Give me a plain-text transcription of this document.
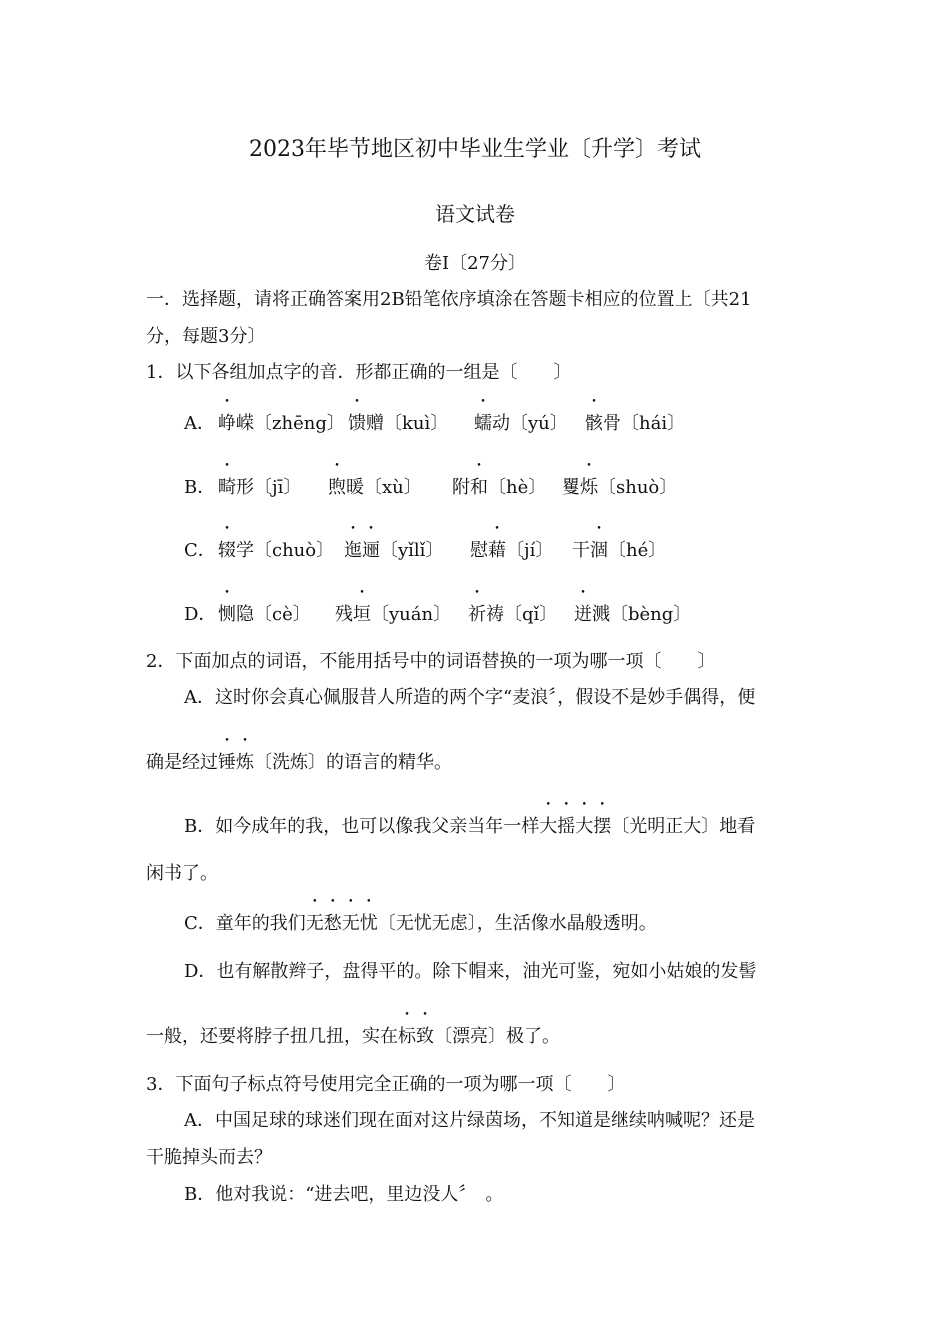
2023年毕节地区初中毕业生学业〔升学〕考试
语文试卷
卷Ⅰ〔27分〕
一．选择题，请将正确答案用2B铅笔依序填涂在答题卡相应的位置上〔共21
分，每题3分〕
1．以下各组加点字的音．形都正确的一组是〔　　〕
A． 峥嵘〔zhēng〕 馈赠〔kuì〕 蠕动〔yú〕 骸骨〔hái〕
B． 畸形〔jī〕 煦暖〔xù〕 附和〔hè〕 矍烁〔shuò〕
C． 辍学〔chuò〕 迤逦〔yǐlǐ〕 慰藉〔jí〕 干涸〔hé〕
D． 恻隐〔cè〕 残垣〔yuán〕 祈祷〔qǐ〕 迸溅〔bèng〕
2．下面加点的词语，不能用括号中的词语替换的一项为哪一项〔　　〕
A．这时你会真心佩服昔人所造的两个字“麦浪〞，假设不是妙手偶得，便
确是经过锤炼〔洗炼〕的语言的精华。
B．如今成年的我，也可以像我父亲当年一样大摇大摆〔光明正大〕地看
闲书了。
C．童年的我们无愁无忧〔无忧无虑〕，生活像水晶般透明。
D．也有解散辫子，盘得平的。除下帽来，油光可鉴，宛如小姑娘的发髻
一般，还要将脖子扭几扭，实在标致〔漂亮〕极了。
3．下面句子标点符号使用完全正确的一项为哪一项〔　　〕
A．中国足球的球迷们现在面对这片绿茵场，不知道是继续呐喊呢？还是
干脆掉头而去？
B．他对我说：“进去吧，里边没人〞　。
